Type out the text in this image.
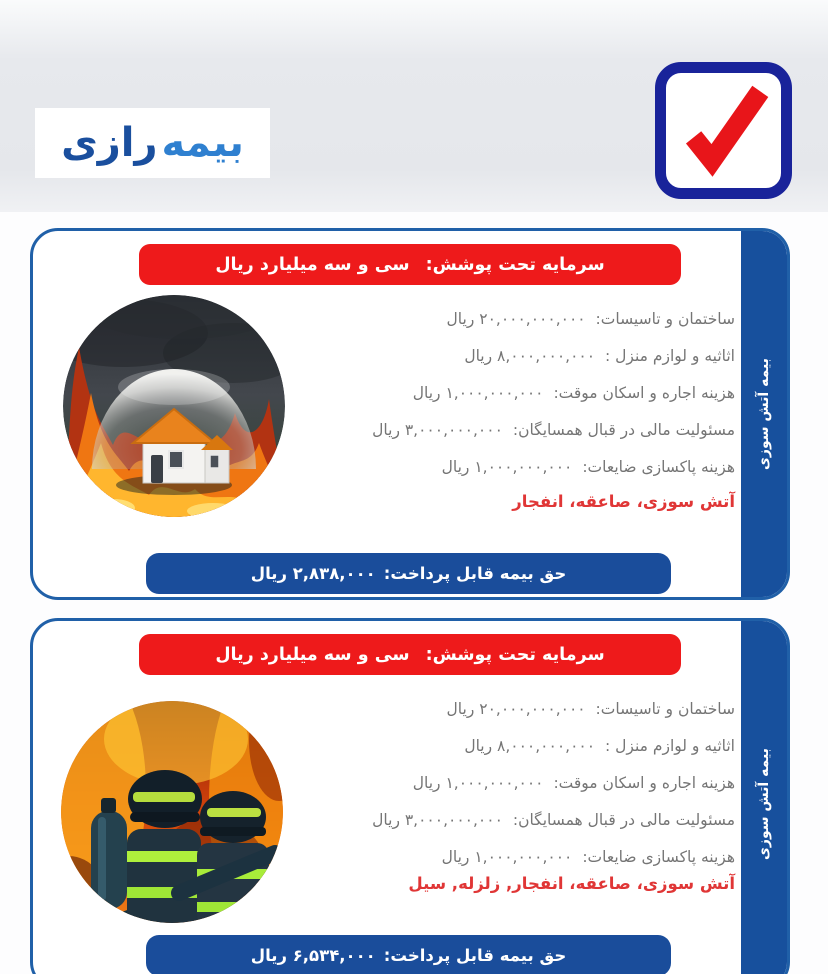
بیمه
رازی
سرمایه تحت پوشش:
سی و سه میلیارد ریال
ساختمان و تاسیسات: ۲۰,۰۰۰,۰۰۰,۰۰۰ ریال
اثاثیه و لوازم منزل : ۸,۰۰۰,۰۰۰,۰۰۰ ریال
هزینه اجاره و اسکان موقت: ۱,۰۰۰,۰۰۰,۰۰۰ ریال
مسئولیت مالی در قبال همسایگان: ۳,۰۰۰,۰۰۰,۰۰۰ ریال
هزینه پاکسازی ضایعات: ۱,۰۰۰,۰۰۰,۰۰۰ ریال
آتش سوزی، صاعقه، انفجار
حق بیمه قابل پرداخت:
۲,۸۳۸,۰۰۰ ریال
بیمه آتش سوزی
سرمایه تحت پوشش:
سی و سه میلیارد ریال
ساختمان و تاسیسات: ۲۰,۰۰۰,۰۰۰,۰۰۰ ریال
اثاثیه و لوازم منزل : ۸,۰۰۰,۰۰۰,۰۰۰ ریال
هزینه اجاره و اسکان موقت: ۱,۰۰۰,۰۰۰,۰۰۰ ریال
مسئولیت مالی در قبال همسایگان: ۳,۰۰۰,۰۰۰,۰۰۰ ریال
هزینه پاکسازی ضایعات: ۱,۰۰۰,۰۰۰,۰۰۰ ریال
آتش سوزی، صاعقه، انفجار, زلزله, سیل
حق بیمه قابل پرداخت:
۶,۵۳۴,۰۰۰ ریال
بیمه آتش سوزی
